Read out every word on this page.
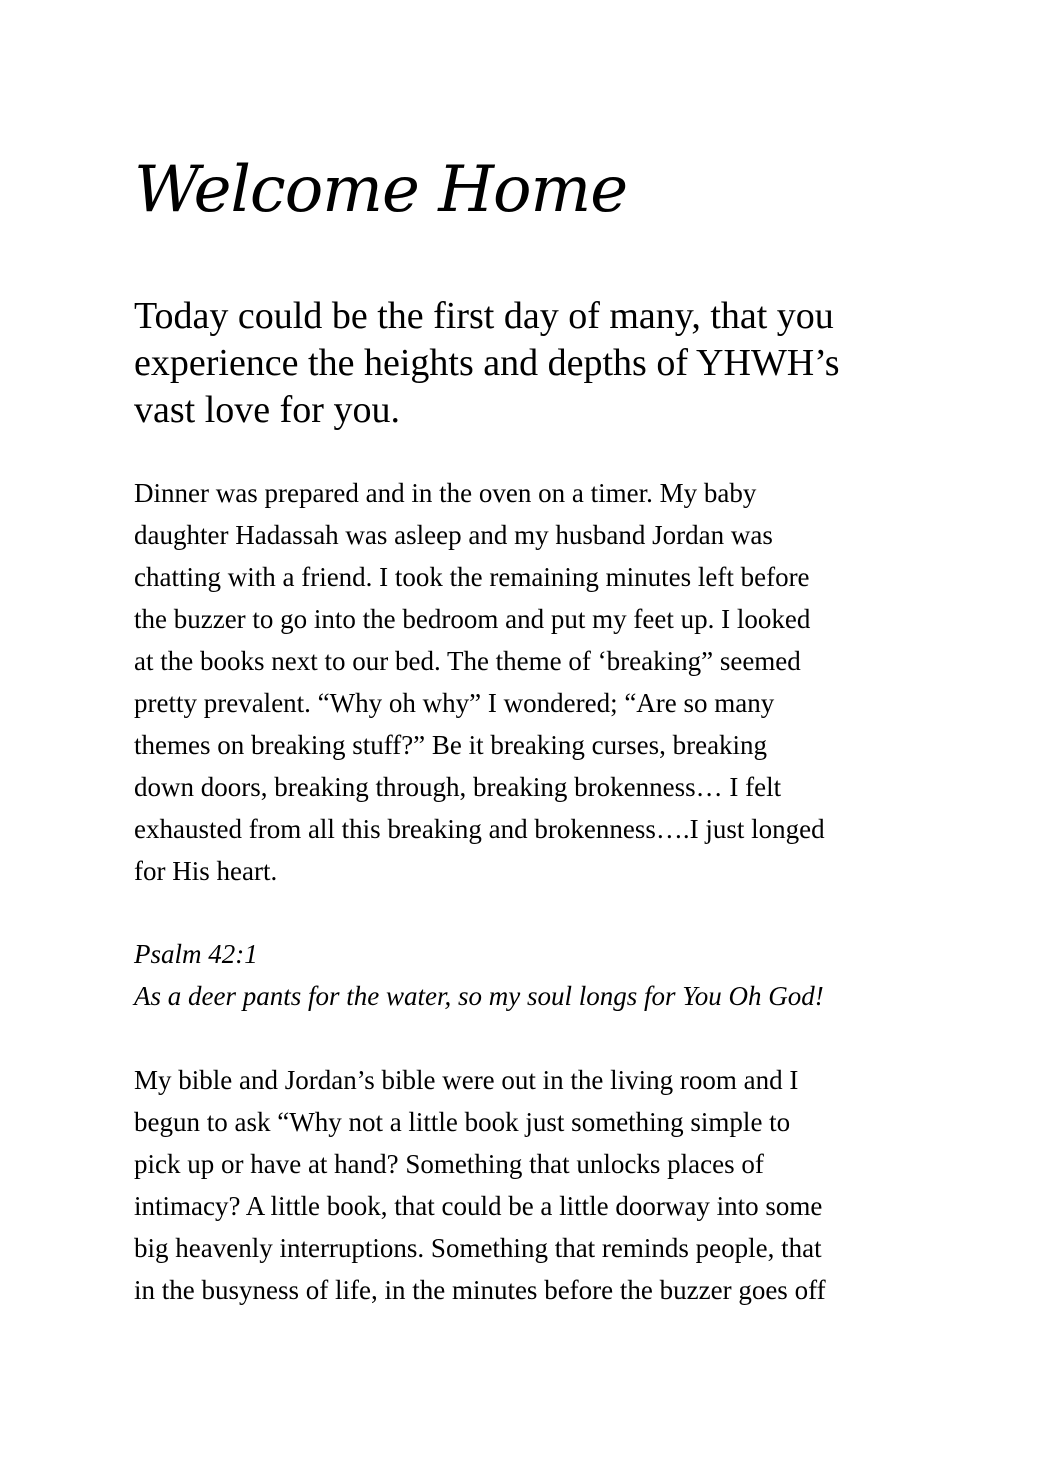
Welcome Home

Today could be the first day of many, that you
experience the heights and depths of YHWH’s
vast love for you.

Dinner was prepared and in the oven on a timer. My baby
daughter Hadassah was asleep and my husband Jordan was
chatting with a friend. I took the remaining minutes left before
the buzzer to go into the bedroom and put my feet up. I looked
at the books next to our bed. The theme of ‘breaking” seemed
pretty prevalent. “Why oh why” I wondered; “Are so many
themes on breaking stuff?” Be it breaking curses, breaking
down doors, breaking through, breaking brokenness… I felt
exhausted from all this breaking and brokenness….I just longed
for His heart.

Psalm 42:1
As a deer pants for the water, so my soul longs for You Oh God!

My bible and Jordan’s bible were out in the living room and I
begun to ask “Why not a little book just something simple to
pick up or have at hand? Something that unlocks places of
intimacy? A little book, that could be a little doorway into some
big heavenly interruptions. Something that reminds people, that
in the busyness of life, in the minutes before the buzzer goes off
